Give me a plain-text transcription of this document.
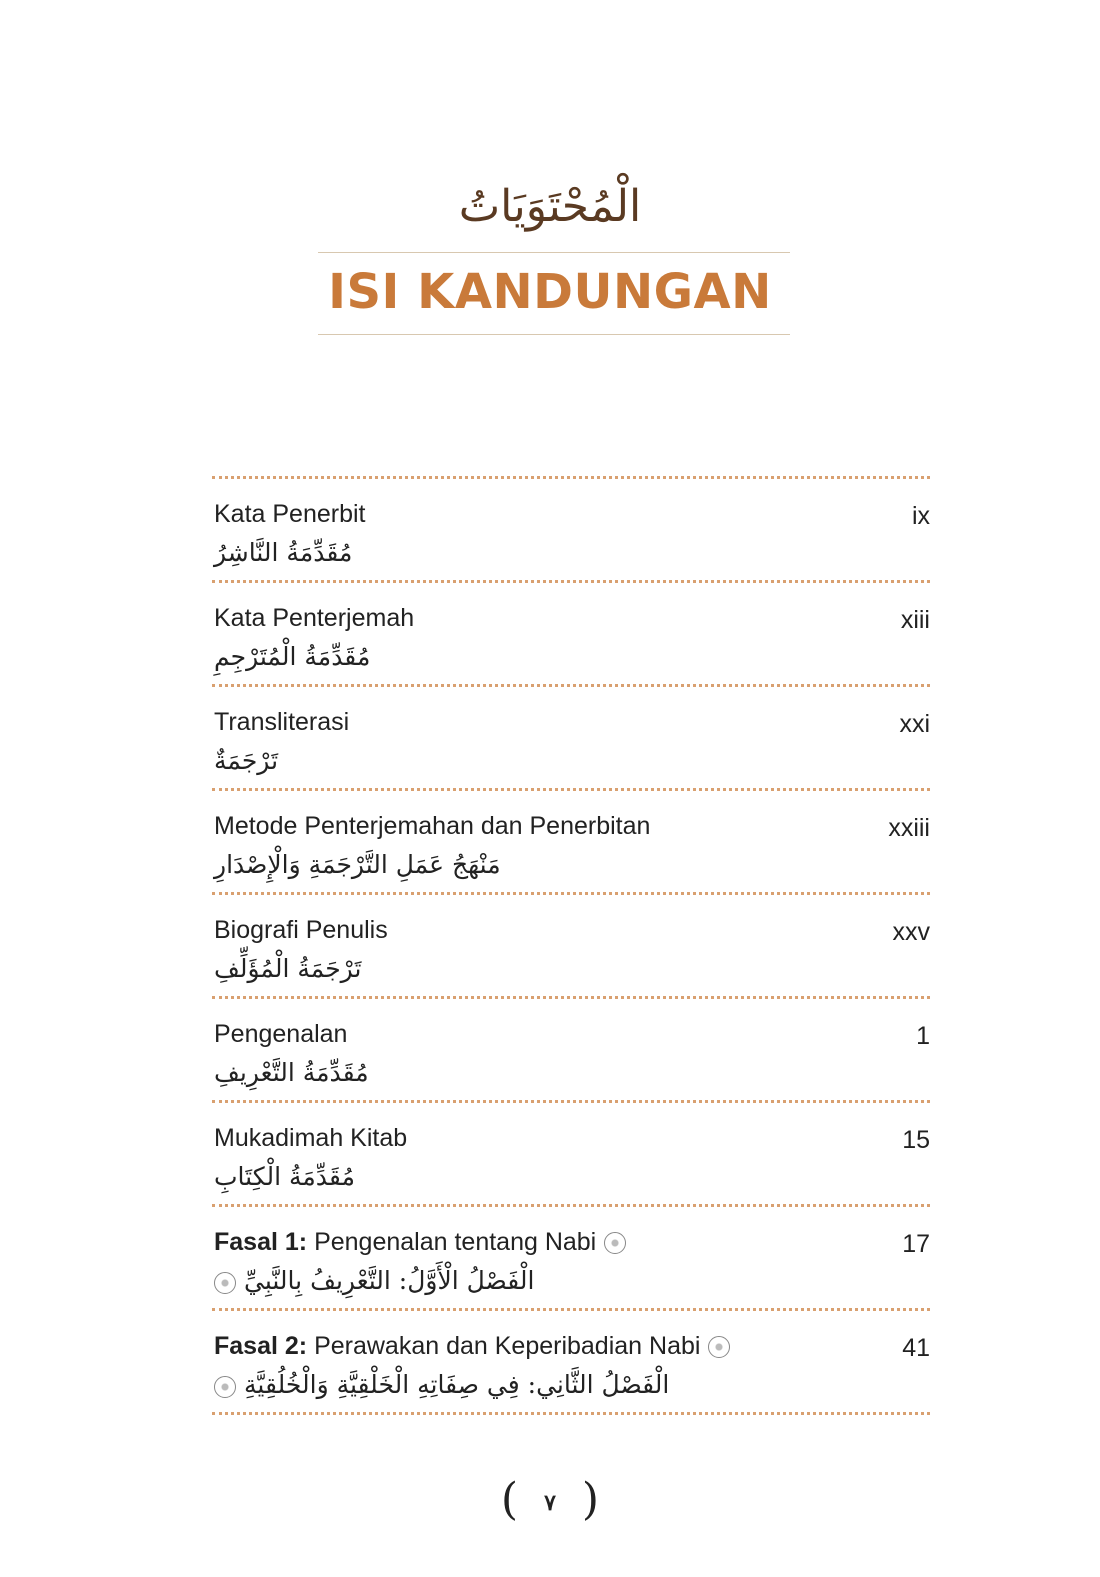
الْمُحْتَوَيَاتُ
ISI KANDUNGAN
Kata Penerbit	ix
مُقَدِّمَةُ النَّاشِرُ
Kata Penterjemah	xiii
مُقَدِّمَةُ الْمُتَرْجِمِ
Transliterasi	xxi
تَرْجَمَةٌ
Metode Penterjemahan dan Penerbitan	xxiii
مَنْهَجُ عَمَلِ التَّرْجَمَةِ وَالْإِصْدَارِ
Biografi Penulis	xxv
تَرْجَمَةُ الْمُؤَلِّفِ
Pengenalan	1
مُقَدِّمَةُ التَّعْرِيفِ
Mukadimah Kitab	15
مُقَدِّمَةُ الْكِتَابِ
Fasal 1: Pengenalan tentang Nabi	17
الْفَصْلُ الْأَوَّلُ: التَّعْرِيفُ بِالنَّبِيِّ
Fasal 2: Perawakan dan Keperibadian Nabi	41
الْفَصْلُ الثَّانِي: فِي صِفَاتِهِ الْخَلْقِيَّةِ وَالْخُلُقِيَّةِ
( ٧ )
